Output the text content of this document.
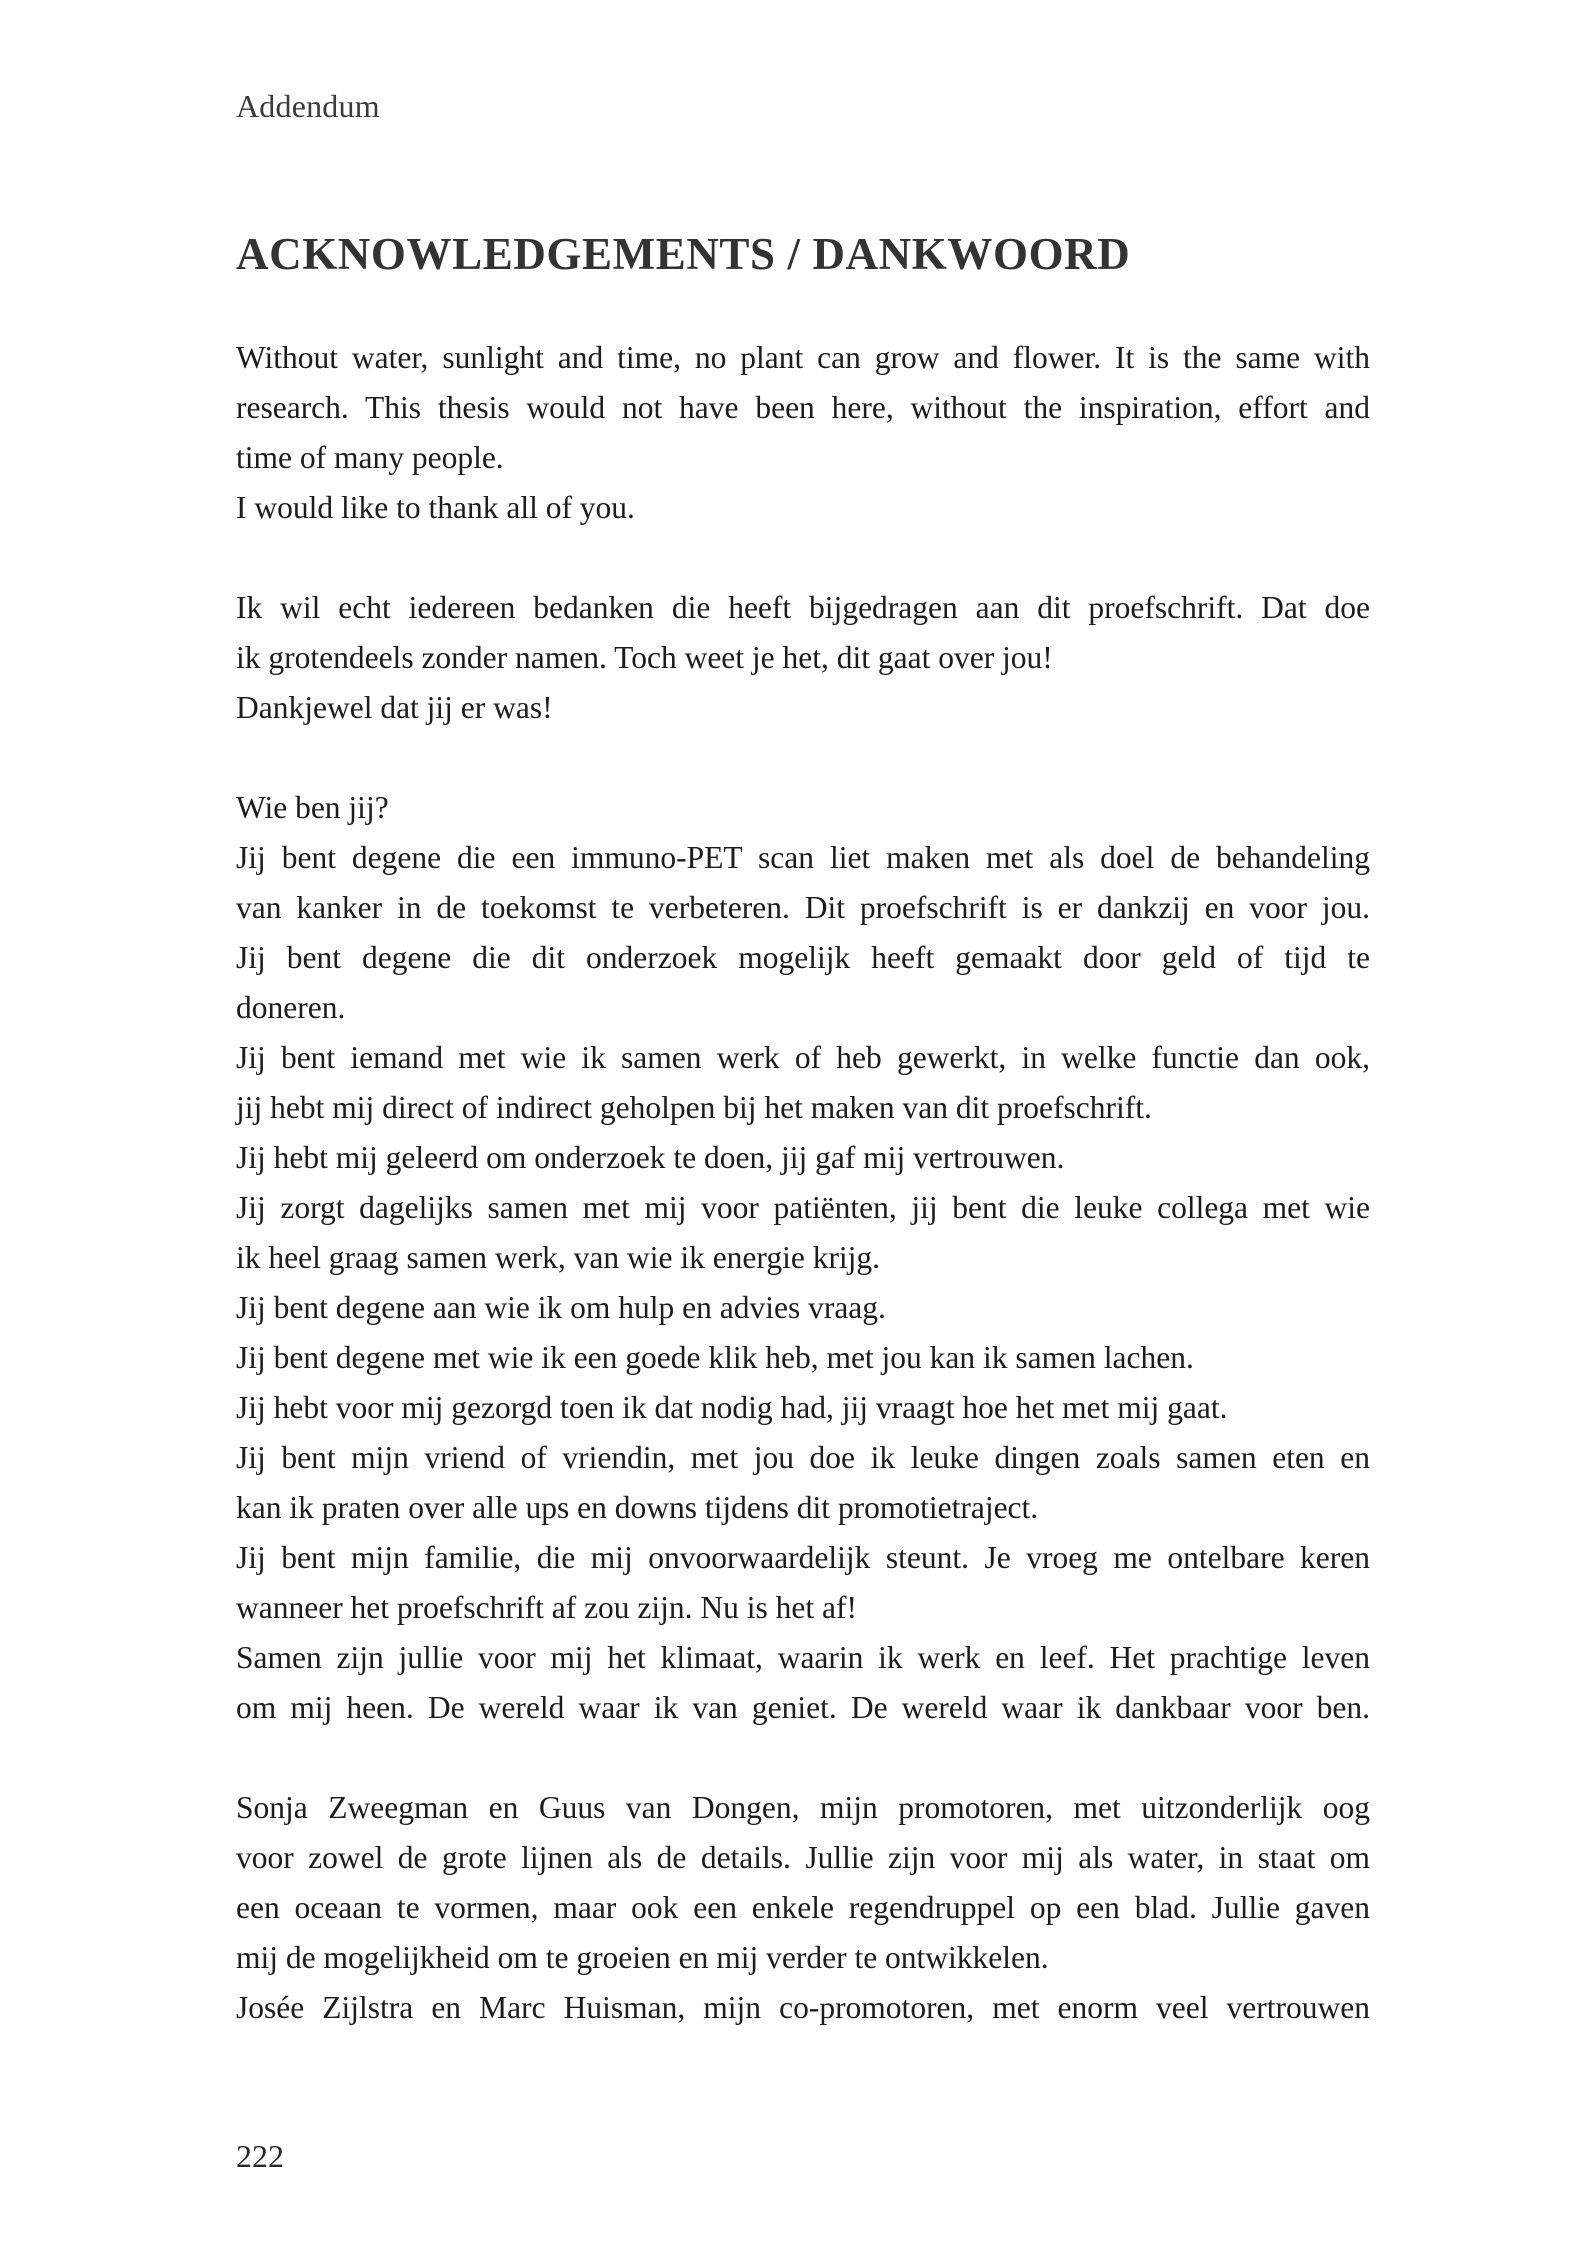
Addendum
ACKNOWLEDGEMENTS / DANKWOORD
Without water, sunlight and time, no plant can grow and flower. It is the same with
research. This thesis would not have been here, without the inspiration, effort and
time of many people.
I would like to thank all of you.
Ik wil echt iedereen bedanken die heeft bijgedragen aan dit proefschrift. Dat doe
ik grotendeels zonder namen. Toch weet je het, dit gaat over jou!
Dankjewel dat jij er was!
Wie ben jij?
Jij bent degene die een immuno-PET scan liet maken met als doel de behandeling
van kanker in de toekomst te verbeteren. Dit proefschrift is er dankzij en voor jou.
Jij bent degene die dit onderzoek mogelijk heeft gemaakt door geld of tijd te
doneren.
Jij bent iemand met wie ik samen werk of heb gewerkt, in welke functie dan ook,
jij hebt mij direct of indirect geholpen bij het maken van dit proefschrift.
Jij hebt mij geleerd om onderzoek te doen, jij gaf mij vertrouwen.
Jij zorgt dagelijks samen met mij voor patiënten, jij bent die leuke collega met wie
ik heel graag samen werk, van wie ik energie krijg.
Jij bent degene aan wie ik om hulp en advies vraag.
Jij bent degene met wie ik een goede klik heb, met jou kan ik samen lachen.
Jij hebt voor mij gezorgd toen ik dat nodig had, jij vraagt hoe het met mij gaat.
Jij bent mijn vriend of vriendin, met jou doe ik leuke dingen zoals samen eten en
kan ik praten over alle ups en downs tijdens dit promotietraject.
Jij bent mijn familie, die mij onvoorwaardelijk steunt. Je vroeg me ontelbare keren
wanneer het proefschrift af zou zijn. Nu is het af!
Samen zijn jullie voor mij het klimaat, waarin ik werk en leef. Het prachtige leven
om mij heen. De wereld waar ik van geniet. De wereld waar ik dankbaar voor ben.
Sonja Zweegman en Guus van Dongen, mijn promotoren, met uitzonderlijk oog
voor zowel de grote lijnen als de details. Jullie zijn voor mij als water, in staat om
een oceaan te vormen, maar ook een enkele regendruppel op een blad. Jullie gaven
mij de mogelijkheid om te groeien en mij verder te ontwikkelen.
Josée Zijlstra en Marc Huisman, mijn co-promotoren, met enorm veel vertrouwen
222
